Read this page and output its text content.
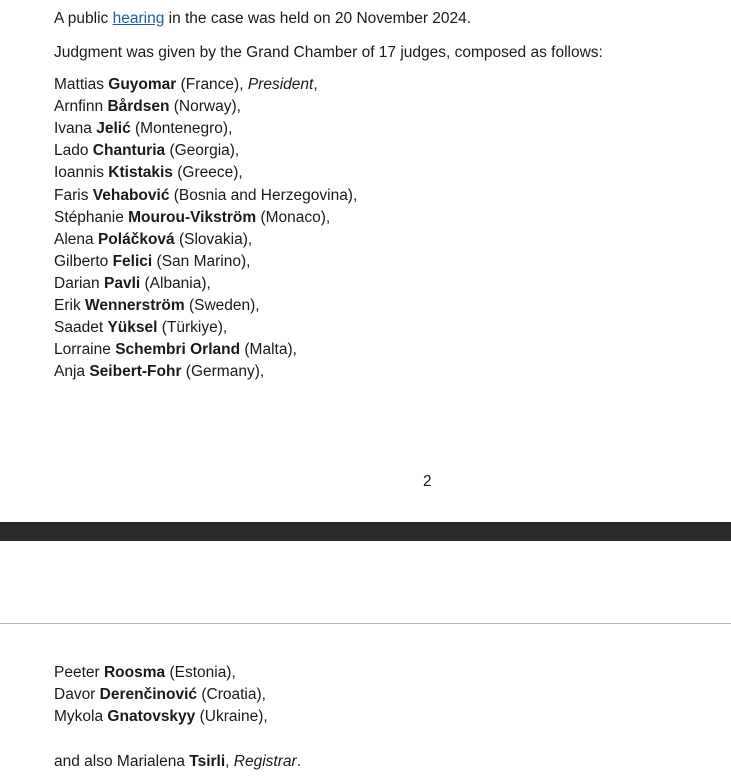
A public hearing in the case was held on 20 November 2024.
Judgment was given by the Grand Chamber of 17 judges, composed as follows:
Mattias Guyomar (France), President,
Arnfinn Bårdsen (Norway),
Ivana Jelić (Montenegro),
Lado Chanturia (Georgia),
Ioannis Ktistakis (Greece),
Faris Vehabović (Bosnia and Herzegovina),
Stéphanie Mourou-Vikström (Monaco),
Alena Poláčková (Slovakia),
Gilberto Felici (San Marino),
Darian Pavli (Albania),
Erik Wennerström (Sweden),
Saadet Yüksel (Türkiye),
Lorraine Schembri Orland (Malta),
Anja Seibert-Fohr (Germany),
2
Peeter Roosma (Estonia),
Davor Derenčinović (Croatia),
Mykola Gnatovskyy (Ukraine),
and also Marialena Tsirli, Registrar.
